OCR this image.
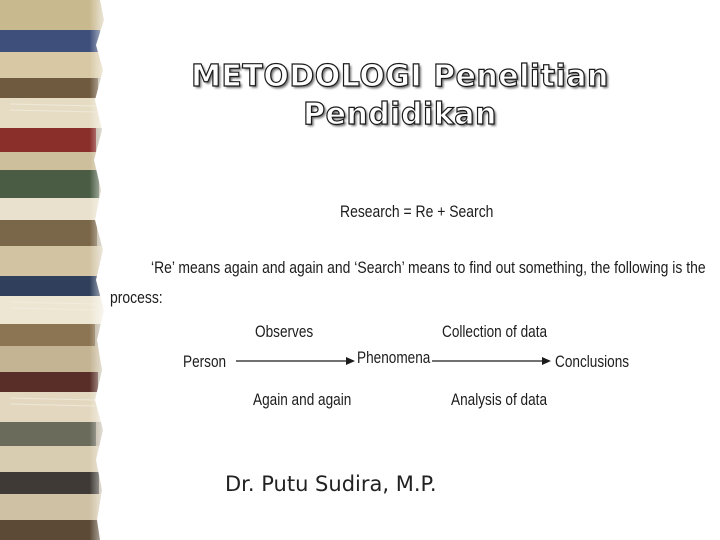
METODOLOGI Penelitian
Pendidikan
Research = Re + Search
‘Re’ means again and again and ‘Search’ means to find out something, the following is the
process:
Observes
Person	Phenomena
Again and again
Collection of data
Conclusions
Analysis of data
Dr. Putu Sudira, M.P.
